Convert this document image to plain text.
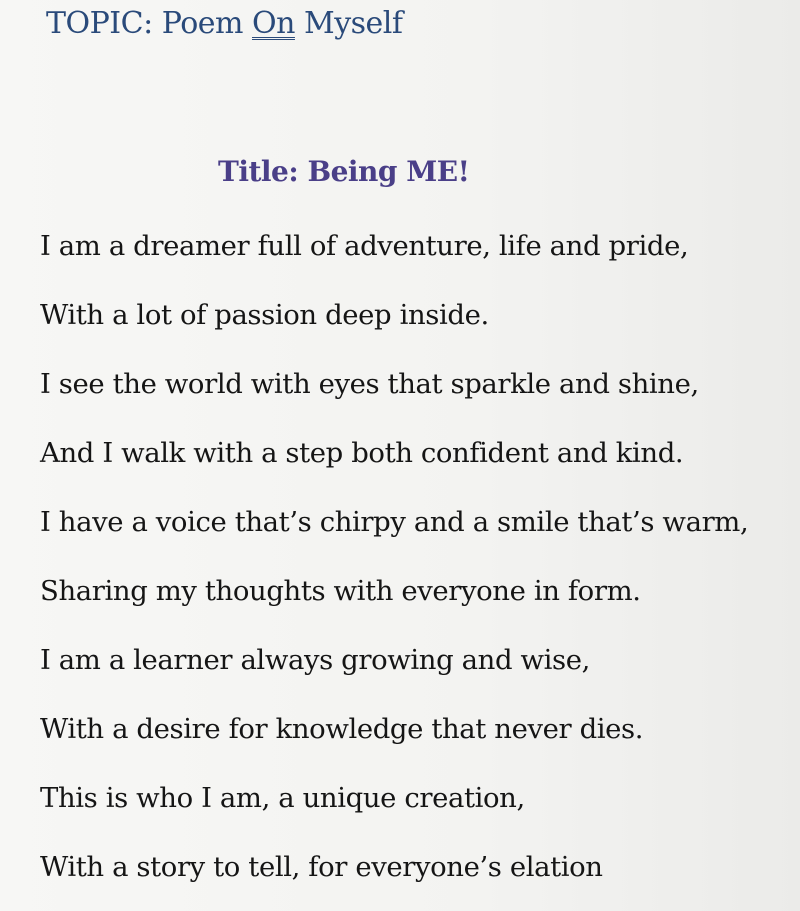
TOPIC: Poem On Myself
Title: Being ME!
I am a dreamer full of adventure, life and pride,
With a lot of passion deep inside.
I see the world with eyes that sparkle and shine,
And I walk with a step both confident and kind.
I have a voice that’s chirpy and a smile that’s warm,
Sharing my thoughts with everyone in form.
I am a learner always growing and wise,
With a desire for knowledge that never dies.
This is who I am, a unique creation,
With a story to tell, for everyone’s elation
